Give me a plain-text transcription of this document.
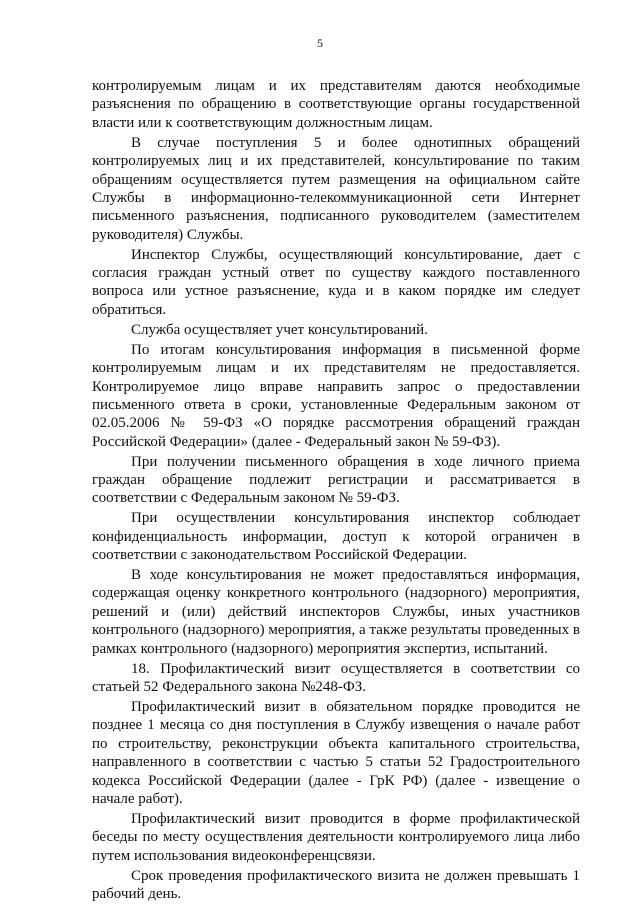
5

контролируемым лицам и их представителям даются необходимые разъяснения по обращению в соответствующие органы государственной власти или к соответствующим должностным лицам.

В случае поступления 5 и более однотипных обращений контролируемых лиц и их представителей, консультирование по таким обращениям осуществляется путем размещения на официальном сайте Службы в информационно-телекоммуникационной сети Интернет письменного разъяснения, подписанного руководителем (заместителем руководителя) Службы.

Инспектор Службы, осуществляющий консультирование, дает с согласия граждан устный ответ по существу каждого поставленного вопроса или устное разъяснение, куда и в каком порядке им следует обратиться.

Служба осуществляет учет консультирований.

По итогам консультирования информация в письменной форме контролируемым лицам и их представителям не предоставляется. Контролируемое лицо вправе направить запрос о предоставлении письменного ответа в сроки, установленные Федеральным законом от 02.05.2006 № 59-ФЗ «О порядке рассмотрения обращений граждан Российской Федерации» (далее - Федеральный закон № 59-ФЗ).

При получении письменного обращения в ходе личного приема граждан обращение подлежит регистрации и рассматривается в соответствии с Федеральным законом № 59-ФЗ.

При осуществлении консультирования инспектор соблюдает конфиденциальность информации, доступ к которой ограничен в соответствии с законодательством Российской Федерации.

В ходе консультирования не может предоставляться информация, содержащая оценку конкретного контрольного (надзорного) мероприятия, решений и (или) действий инспекторов Службы, иных участников контрольного (надзорного) мероприятия, а также результаты проведенных в рамках контрольного (надзорного) мероприятия экспертиз, испытаний.

18. Профилактический визит осуществляется в соответствии со статьей 52 Федерального закона №248-ФЗ.

Профилактический визит в обязательном порядке проводится не позднее 1 месяца со дня поступления в Службу извещения о начале работ по строительству, реконструкции объекта капитального строительства, направленного в соответствии с частью 5 статьи 52 Градостроительного кодекса Российской Федерации (далее - ГрК РФ) (далее - извещение о начале работ).

Профилактический визит проводится в форме профилактической беседы по месту осуществления деятельности контролируемого лица либо путем использования видеоконференцсвязи.

Срок проведения профилактического визита не должен превышать 1 рабочий день.
